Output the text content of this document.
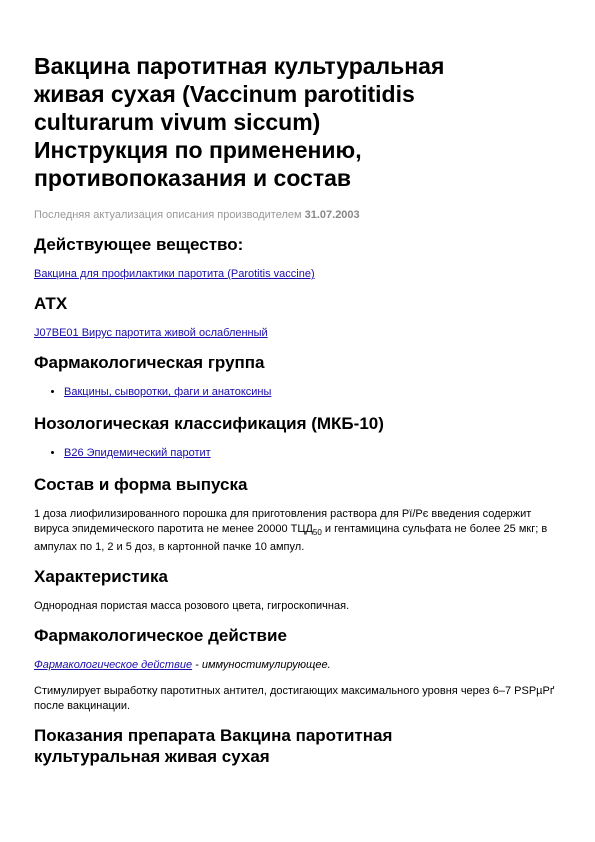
Вакцина паротитная культуральная
живая сухая (Vaccinum parotitidis
culturarum vivum siccum)
Инструкция по применению,
противопоказания и состав
Последняя актуализация описания производителем 31.07.2003
Действующее вещество:

Вакцина для профилактики паротита (Parotitis vaccine)

АТХ

J07BE01 Вирус паротита живой ослабленный

Фармакологическая группа
• Вакцины, сыворотки, фаги и анатоксины
Нозологическая классификация (МКБ-10)
• B26 Эпидемический паротит
Состав и форма выпуска

1 доза лиофилизированного порошка для приготовления раствора для Рї/Рє введения содержит вируса эпидемического паротита не менее 20000 $ТЦД_{50}$ и гентамицина сульфата не более 25 мкг; в ампулах по 1, 2 и 5 доз, в картонной пачке 10 ампул.

Характеристика

Однородная пористая масса розового цвета, гигроскопичная.

Фармакологическое действие

Фармакологическое действие - иммуностимулирующее.

Стимулирует выработку паротитных антител, достигающих максимального уровня через 6–7 РЅРµРґ после вакцинации.

Показания препарата Вакцина паротитная
культуральная живая сухая
